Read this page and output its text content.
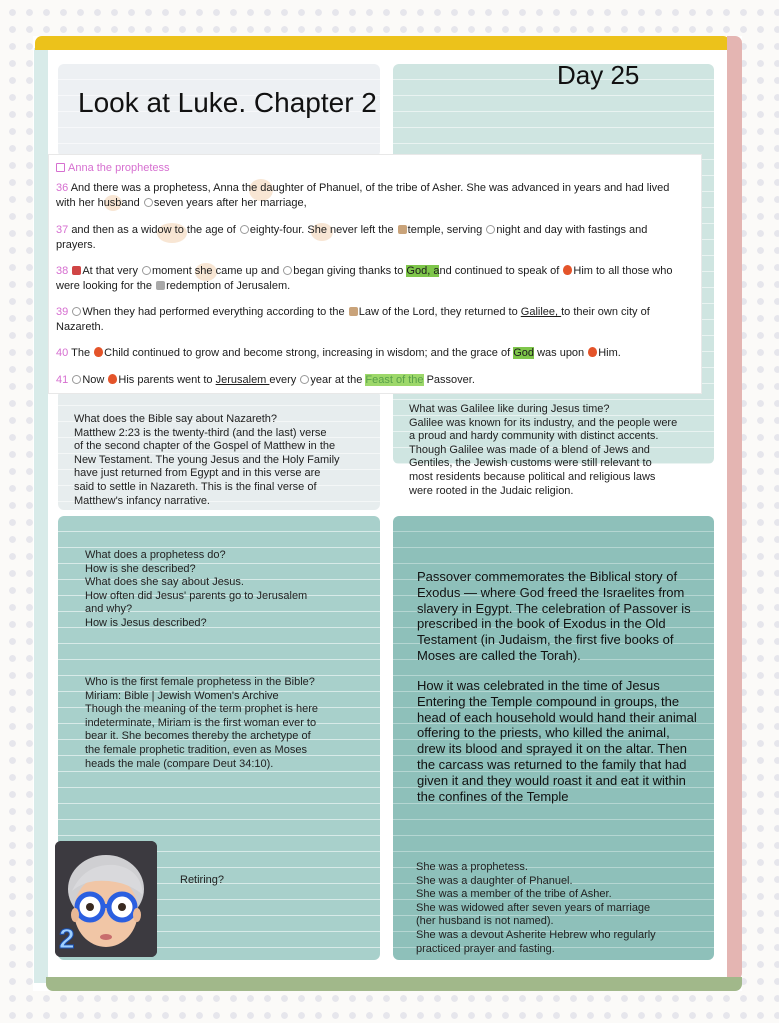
Look at Luke. Chapter 2
Day 25
Anna the prophetess
36 And there was a prophetess, Anna the daughter of Phanuel, of the tribe of Asher. She was advanced in years and had lived
with her husband seven years after her marriage,
37 and then as a widow to the age of eighty-four. She never left the temple, serving night and day with fastings and
prayers.
38 At that very moment she came up and began giving thanks to God, and continued to speak of Him to all those who
were looking for the redemption of Jerusalem.
39 When they had performed everything according to the Law of the Lord, they returned to Galilee, to their own city of
Nazareth.
40 The Child continued to grow and become strong, increasing in wisdom; and the grace of God was upon Him.
41 Now His parents went to Jerusalem every year at the Feast of the Passover.
What does the Bible say about Nazareth?
Matthew 2:23 is the twenty-third (and the last) verse
of the second chapter of the Gospel of Matthew in the
New Testament. The young Jesus and the Holy Family
have just returned from Egypt and in this verse are
said to settle in Nazareth. This is the final verse of
Matthew's infancy narrative.
What was Galilee like during Jesus time?
Galilee was known for its industry, and the people were
a proud and hardy community with distinct accents.
Though Galilee was made of a blend of Jews and
Gentiles, the Jewish customs were still relevant to
most residents because political and religious laws
were rooted in the Judaic religion.
What does a prophetess do?
How is she described?
What does she say about Jesus.
How often did Jesus' parents go to Jerusalem
and why?
How is Jesus described?
Who is the first female prophetess in the Bible?
Miriam: Bible | Jewish Women's Archive
Though the meaning of the term prophet is here
indeterminate, Miriam is the first woman ever to
bear it. She becomes thereby the archetype of
the female prophetic tradition, even as Moses
heads the male (compare Deut 34:10).
Passover commemorates the Biblical story of
Exodus — where God freed the Israelites from
slavery in Egypt. The celebration of Passover is
prescribed in the book of Exodus in the Old
Testament (in Judaism, the first five books of
Moses are called the Torah).
How it was celebrated in the time of Jesus
Entering the Temple compound in groups, the
head of each household would hand their animal
offering to the priests, who killed the animal,
drew its blood and sprayed it on the altar. Then
the carcass was returned to the family that had
given it and they would roast it and eat it within
the confines of the Temple
She was a prophetess.
She was a daughter of Phanuel.
She was a member of the tribe of Asher.
She was widowed after seven years of marriage
(her husband is not named).
She was a devout Asherite Hebrew who regularly
practiced prayer and fasting.
2
Retiring?
